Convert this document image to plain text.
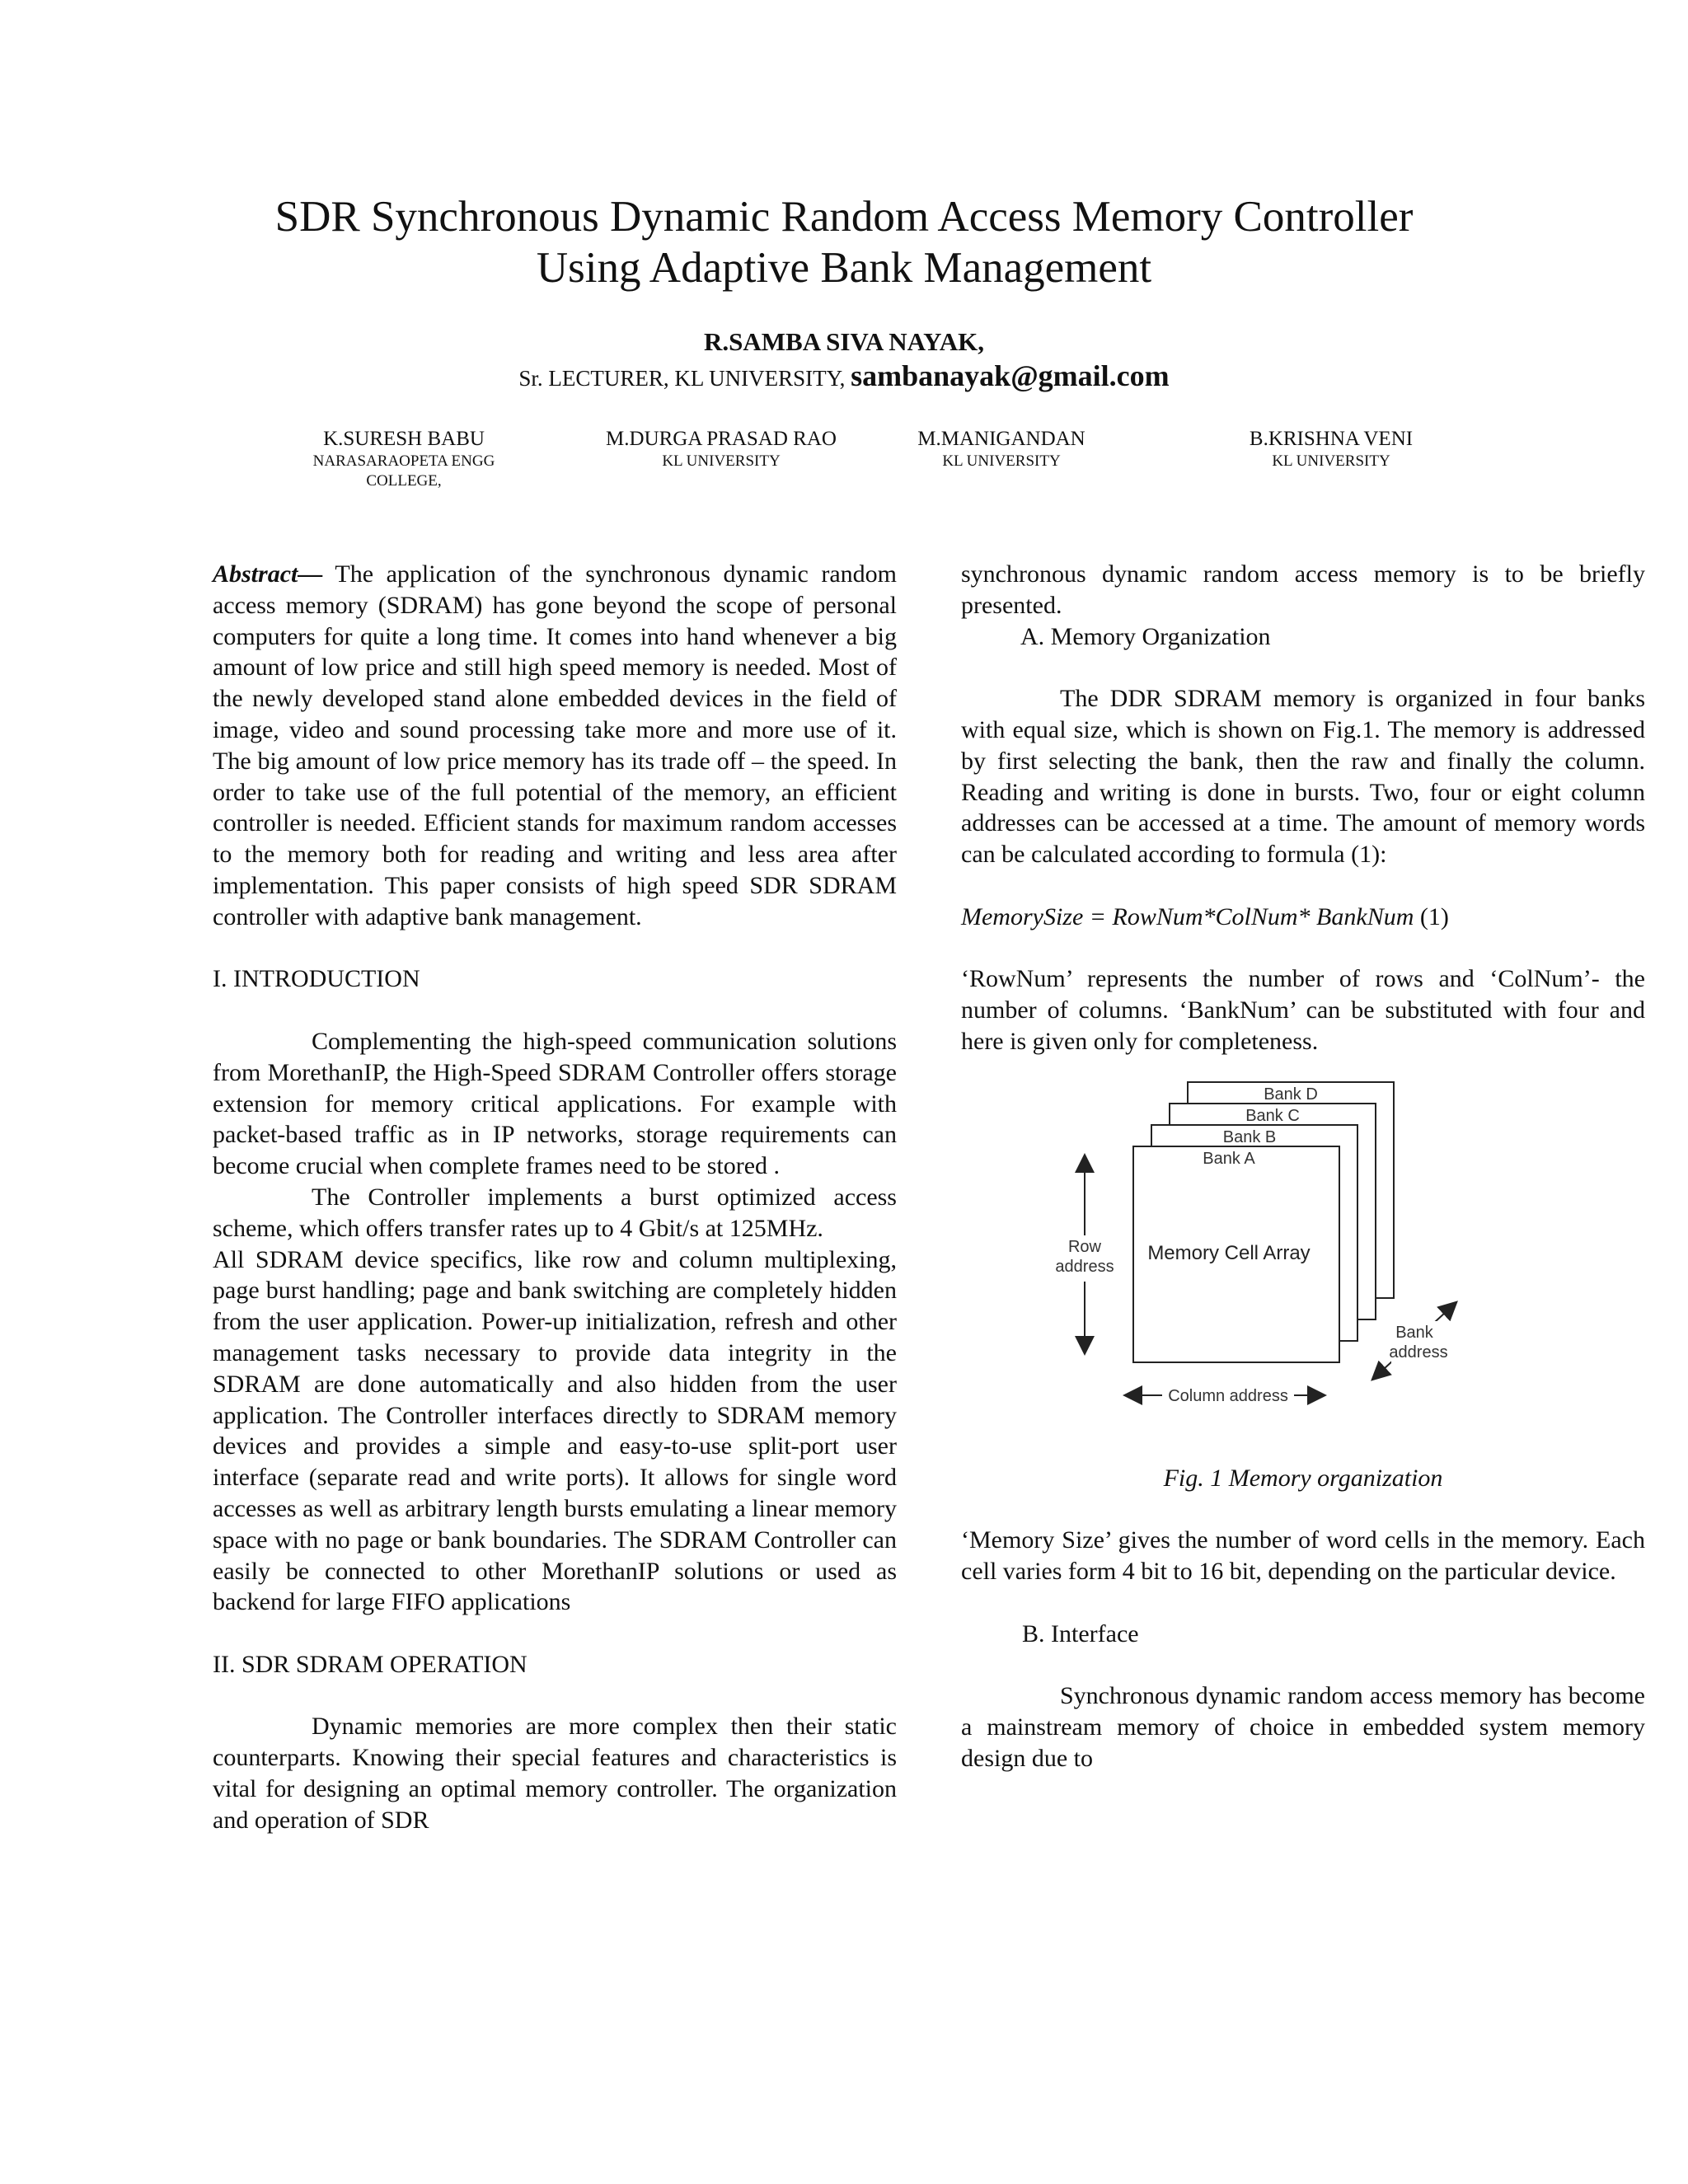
SDR Synchronous Dynamic Random Access Memory Controller
Using Adaptive Bank Management
R.SAMBA SIVA NAYAK,
Sr. LECTURER, KL UNIVERSITY, sambanayak@gmail.com
K.SURESH BABU
NARASARAOPETA ENGG COLLEGE,
M.DURGA PRASAD RAO
KL UNIVERSITY
M.MANIGANDAN
KL UNIVERSITY
B.KRISHNA VENI
KL UNIVERSITY

Abstract— The application of the synchronous dynamic random access memory (SDRAM) has gone beyond the scope of personal computers for quite a long time. It comes into hand whenever a big amount of low price and still high speed memory is needed. Most of the newly developed stand alone embedded devices in the field of image, video and sound processing take more and more use of it. The big amount of low price memory has its trade off – the speed. In order to take use of the full potential of the memory, an efficient controller is needed. Efficient stands for maximum random accesses to the memory both for reading and writing and less area after implementation. This paper consists of high speed SDR SDRAM controller with adaptive bank management.

I. INTRODUCTION

Complementing the high-speed communication solutions from MorethanIP, the High-Speed SDRAM Controller offers storage extension for memory critical applications. For example with packet-based traffic as in IP networks, storage requirements can become crucial when complete frames need to be stored .

The Controller implements a burst optimized access scheme, which offers transfer rates up to 4 Gbit/s at 125MHz.

All SDRAM device specifics, like row and column multiplexing, page burst handling; page and bank switching are completely hidden from the user application. Power-up initialization, refresh and other management tasks necessary to provide data integrity in the SDRAM are done automatically and also hidden from the user application. The Controller interfaces directly to SDRAM memory devices and provides a simple and easy-to-use split-port user interface (separate read and write ports). It allows for single word accesses as well as arbitrary length bursts emulating a linear memory space with no page or bank boundaries. The SDRAM Controller can easily be connected to other MorethanIP solutions or used as backend for large FIFO applications

II. SDR SDRAM OPERATION

Dynamic memories are more complex then their static counterparts. Knowing their special features and characteristics is vital for designing an optimal memory controller. The organization and operation of SDR

synchronous dynamic random access memory is to be briefly presented.

A. Memory Organization

The DDR SDRAM memory is organized in four banks with equal size, which is shown on Fig.1. The memory is addressed by first selecting the bank, then the raw and finally the column. Reading and writing is done in bursts. Two, four or eight column addresses can be accessed at a time. The amount of memory words can be calculated according to formula (1):

MemorySize = RowNum*ColNum* BankNum (1)

‘RowNum’ represents the number of rows and ‘ColNum’- the number of columns. ‘BankNum’ can be substituted with four and here is given only for completeness.

Bank D
Bank C
Bank B
Bank A
Memory Cell Array
Row
address
Bank
address
Column address

Fig. 1 Memory organization

‘Memory Size’ gives the number of word cells in the memory. Each cell varies form 4 bit to 16 bit, depending on the particular device.

B. Interface

Synchronous dynamic random access memory has become a mainstream memory of choice in embedded system memory design due to
